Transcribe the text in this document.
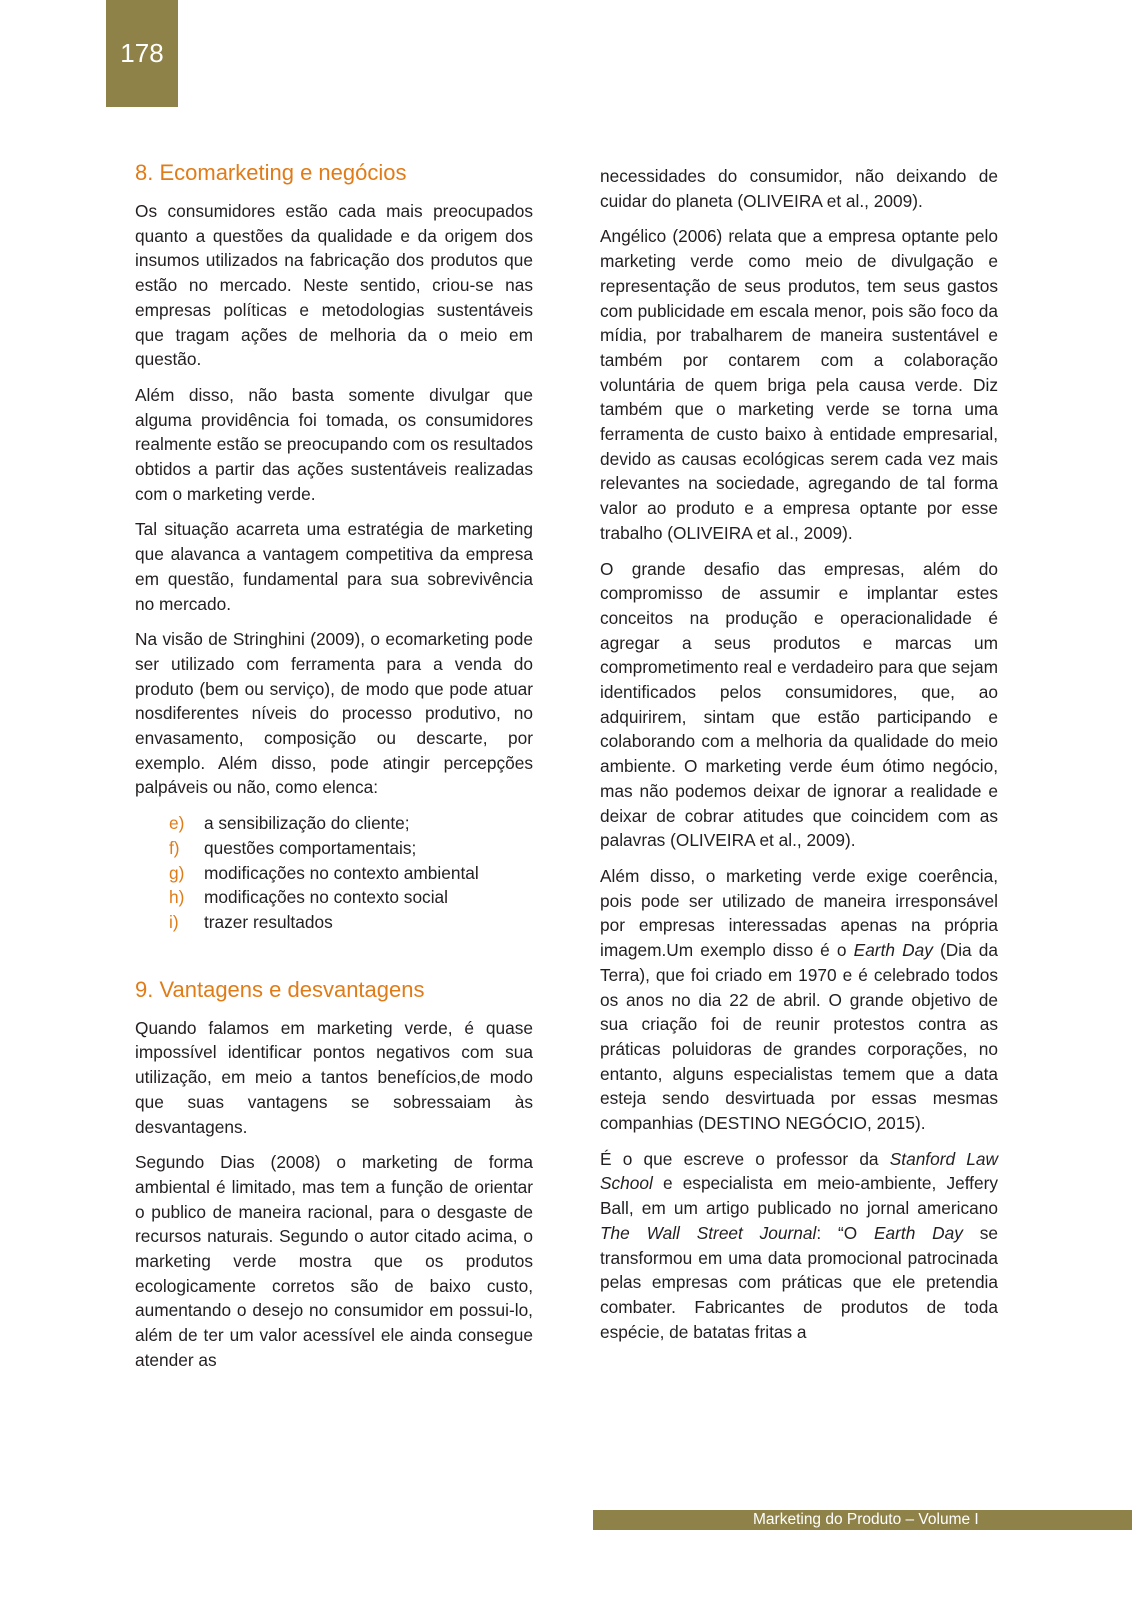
178
8. Ecomarketing e negócios

Os consumidores estão cada mais preocupados quanto a questões da qualidade e da origem dos insumos utilizados na fabricação dos produtos que estão no mercado. Neste sentido, criou-se nas empresas políticas e metodologias sustentáveis que tragam ações de melhoria da o meio em questão.

Além disso, não basta somente divulgar que alguma providência foi tomada, os consumidores realmente estão se preocupando com os resultados obtidos a partir das ações sustentáveis realizadas com o marketing verde.

Tal situação acarreta uma estratégia de marketing que alavanca a vantagem competitiva da empresa em questão, fundamental para sua sobrevivência no mercado.

Na visão de Stringhini (2009), o ecomarketing pode ser utilizado com ferramenta para a venda do produto (bem ou serviço), de modo que pode atuar nosdiferentes níveis do processo produtivo, no envasamento, composição ou descarte, por exemplo. Além disso, pode atingir percepções palpáveis ou não, como elenca:

e)	a sensibilização do cliente;
f)	questões comportamentais;
g)	modificações no contexto ambiental
h)	modificações no contexto social
i)	trazer resultados
9. Vantagens e desvantagens

Quando falamos em marketing verde, é quase impossível identificar pontos negativos com sua utilização, em meio a tantos benefícios,de modo que suas vantagens se sobressaiam às desvantagens.

Segundo Dias (2008) o marketing de forma ambiental é limitado, mas tem a função de orientar o publico de maneira racional, para o desgaste de recursos naturais. Segundo o autor citado acima, o marketing verde mostra que os produtos ecologicamente corretos são de baixo custo, aumentando o desejo no consumidor em possui-lo, além de ter um valor acessível ele ainda consegue atender as

necessidades do consumidor, não deixando de cuidar do planeta (OLIVEIRA et al., 2009).

Angélico (2006) relata que a empresa optante pelo marketing verde como meio de divulgação e representação de seus produtos, tem seus gastos com publicidade em escala menor, pois são foco da mídia, por trabalharem de maneira sustentável e também por contarem com a colaboração voluntária de quem briga pela causa verde. Diz também que o marketing verde se torna uma ferramenta de custo baixo à entidade empresarial, devido as causas ecológicas serem cada vez mais relevantes na sociedade, agregando de tal forma valor ao produto e a empresa optante por esse trabalho (OLIVEIRA et al., 2009).

O grande desafio das empresas, além do compromisso de assumir e implantar estes conceitos na produção e operacionalidade é agregar a seus produtos e marcas um comprometimento real e verdadeiro para que sejam identificados pelos consumidores, que, ao adquirirem, sintam que estão participando e colaborando com a melhoria da qualidade do meio ambiente. O marketing verde éum ótimo negócio, mas não podemos deixar de ignorar a realidade e deixar de cobrar atitudes que coincidem com as palavras (OLIVEIRA et al., 2009).

Além disso, o marketing verde exige coerência, pois pode ser utilizado de maneira irresponsável por empresas interessadas apenas na própria imagem.Um exemplo disso é o Earth Day (Dia da Terra), que foi criado em 1970 e é celebrado todos os anos no dia 22 de abril. O grande objetivo de sua criação foi de reunir protestos contra as práticas poluidoras de grandes corporações, no entanto, alguns especialistas temem que a data esteja sendo desvirtuada por essas mesmas companhias (DESTINO NEGÓCIO, 2015).

É o que escreve o professor da Stanford Law School e especialista em meio-ambiente, Jeffery Ball, em um artigo publicado no jornal americano The Wall Street Journal: “O Earth Day se transformou em uma data promocional patrocinada pelas empresas com práticas que ele pretendia combater. Fabricantes de produtos de toda espécie, de batatas fritas a

Marketing do Produto – Volume I
